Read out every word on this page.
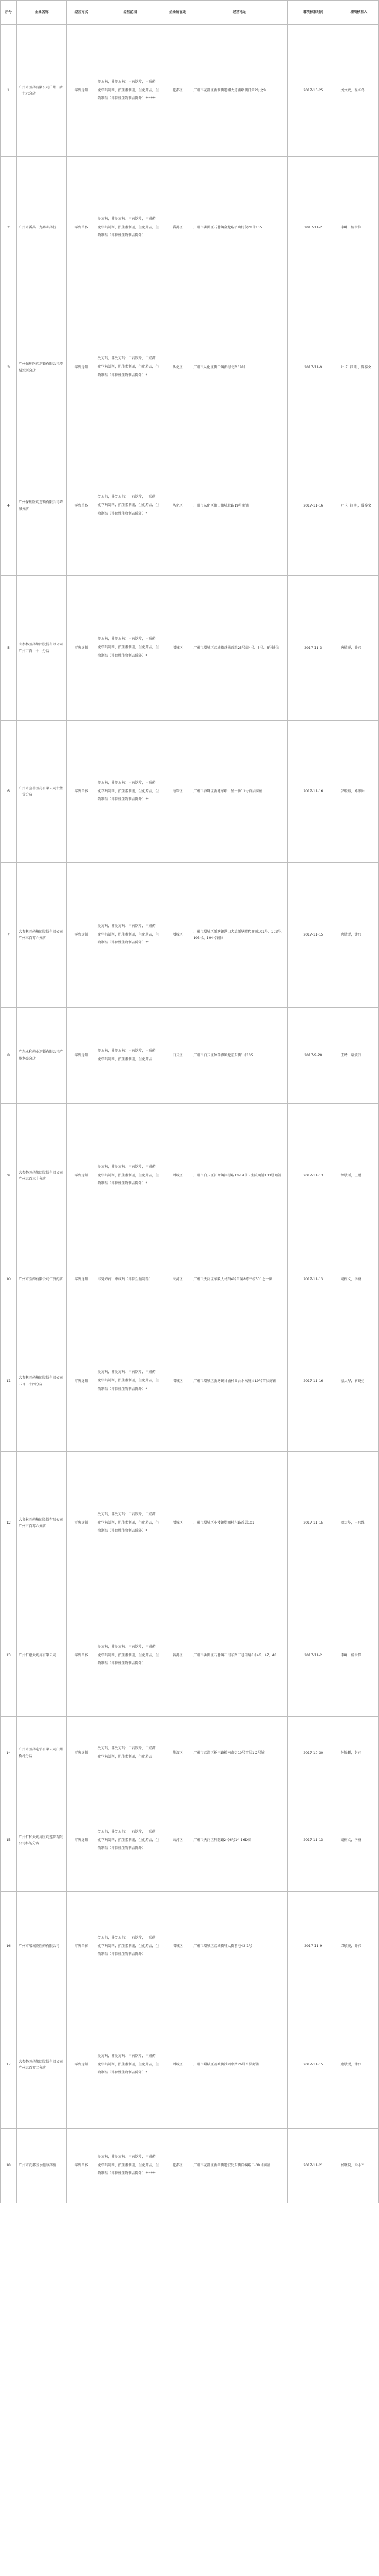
序号	企业名称	经营方式	经营范围	企业所在地	经营地址	增项核准时间	增项核准人
1	广州市医药有限公司广州二店一十六分店	零售连锁	处方药，非处方药：中药饮片，中成药，化学药制剂，抗生素制剂，生化药品，生物制品（排除性生物制品除外）******	花都区	广州市花都区新雅街道湘大道南路侧门第2号之9	2017-10-25	刘文龙，程冬冬
2	广州市番禺三九药业药行	零售单体	处方药，非处方药：中药饮片，中成药，化学药制剂，抗生素制剂，生化药品，生物制品（排除性生物制品除外）	番禺区	广州市番禺区石碁镇金龙路沿山村段28号105	2017-11-2	李峰，杨世锋
3	广州保利医药连锁有限公司增城沙河分店	零售连锁	处方药，非处方药：中药饮片，中成药，化学药制剂，抗生素制剂，生化药品，生物制品（排除性生物制品除外）*	从化区	广州市从化区街口镇新村北路19号	2017-11-9	叶 阳 韩 明，曾泰文
4	广州保利医药连锁有限公司增城分店	零售单体	处方药，非处方药：中药饮片，中成药，化学药制剂，抗生素制剂，生化药品，生物制品（排除性生物制品除外）*	从化区	广州市从化区街口街城北路19号商铺	2017-11-16	叶 阳 韩 明，曾泰文
5	大参林医药集团股份有限公司广州五百一十一分店	零售连锁	处方药，非处方药：中药饮片，中成药，化学药制剂，抗生素制剂，生化药品，生物制品（排除性生物制品除外）*	增城区	广州市增城区荔城街荔景西路25号商4号、5号、6号铺位	2017-11-3	唐敏锐，钟伟
6	广州市宝善医药有限公司十堡一份分店	零售单体	处方药，非处方药：中药饮片，中成药，化学药制剂，抗生素制剂，生化药品，生物制品（排除性生物制品除外）**	海珠区	广州市海珠区新港东路十堡一份11号首层商铺	2017-11-16	罗晓燕，邓雅娟
7	大参林医药集团股份有限公司广州三百零六分店	零售连锁	处方药，非处方药：中药饮片，中成药，化学药制剂，抗生素制剂，生化药品，生物制品（排除性生物制品除外）**	增城区	广州市增城区新塘镇港口大道新塘时代商铺101号、102号、103号、104号铺位	2017-11-15	唐敏锐，钟伟
8	广东永和药业连锁有限公司广州龙豪分店	零售连锁	处方药，非处方药：中药饮片，中成药，化学药制剂，抗生素制剂，生化药品	白云区	广州市白云区钟落潭镇龙豪东街1号105	2017-9-20	王绪，谢欣行
9	大参林医药集团股份有限公司广州五百三十分店	零售连锁	处方药，非处方药：中药饮片，中成药，化学药制剂，抗生素制剂，生化药品，生物制品（排除性生物制品除外）*	增城区	广州市白云区江高镇江村路13-19号卫生院商铺103号商铺	2017-11-13	钟敏瑶，王鹏
10	广州市医药有限公司仁济药店	零售连锁	非处方药：中成药（排除生物制品）	天河区	广州市天河区车陂大马路4号自编8栋三楼301之一房	2017-11-13	胡树文，李杨
11	大参林医药集团股份有限公司五百二十四分店	零售连锁	处方药，非处方药：中药饮片，中成药，化学药制剂，抗生素制剂，生化药品，生物制品（排除性生物制品除外）*	增城区	广州市增城区新塘镇甘涌村圆台水松坡围19号首层商铺	2017-11-16	蔡大华，官晓勇
12	大参林医药集团股份有限公司广州五百零六分店	零售连锁	处方药，非处方药：中药饮片，中成药，化学药制剂，抗生素制剂，生化药品，生物制品（排除性生物制品除外）*	增城区	广州市增城区小楼镇腊圃村东路首层101	2017-11-15	蔡大华，王伟维
13	广州仁惠大药房有限公司	零售单体	处方药，非处方药：中药饮片，中成药，化学药制剂，抗生素制剂，生化药品，生物制品（排除性生物制品除外）	番禺区	广州市番禺区石碁镇石岗东路三巷自编8号46、47、48	2017-11-2	李峰，杨世锋
14	广州市医药连锁有限公司广州桥村分店	零售连锁	处方药，非处方药：中药饮片，中成药，化学药制剂，抗生素制剂，生化药品	荔湾区	广州市荔湾区桥中路桥南南街10号首层1-2号铺	2017-10-30	钟锋鹏，赵佳
15	广州仁和大药房医药连锁有限公司科韵分店	零售连锁	处方药，非处方药：中药饮片，中成药，化学药制剂，抗生素制剂，生化药品，生物制品（排除性生物制品除外）	天河区	广州市天河区科韵路2号6号14-16D商	2017-11-13	胡树文，李杨
16	广州市增城荔医药有限公司	零售单体	处方药，非处方药：中药饮片，中成药，化学药制剂，抗生素制剂，生化药品，生物制品（排除性生物制品除外）	增城区	广州市增城区荔城街埔大街前巷42-1号	2017-11-9	邓敏锐，钟伟
17	大参林医药集团股份有限公司广州五百零二分店	零售连锁	处方药，非处方药：中药饮片，中成药，化学药制剂，抗生素制剂，生化药品，生物制品（排除性生物制品除外）*	增城区	广州市增城区荔城街沙园中路26号首层商铺	2017-11-15	唐敏锐，钟伟
18	广州市花都区永健康药房	零售单体	处方药，非处方药：中药饮片，中成药，化学药制剂，抗生素制剂，生化药品，生物制品（排除性生物制品除外）******	花都区	广州市花都区新华街道宏发东街自编路中-38号商铺	2017-11-21	侯晓晓，梁小平
